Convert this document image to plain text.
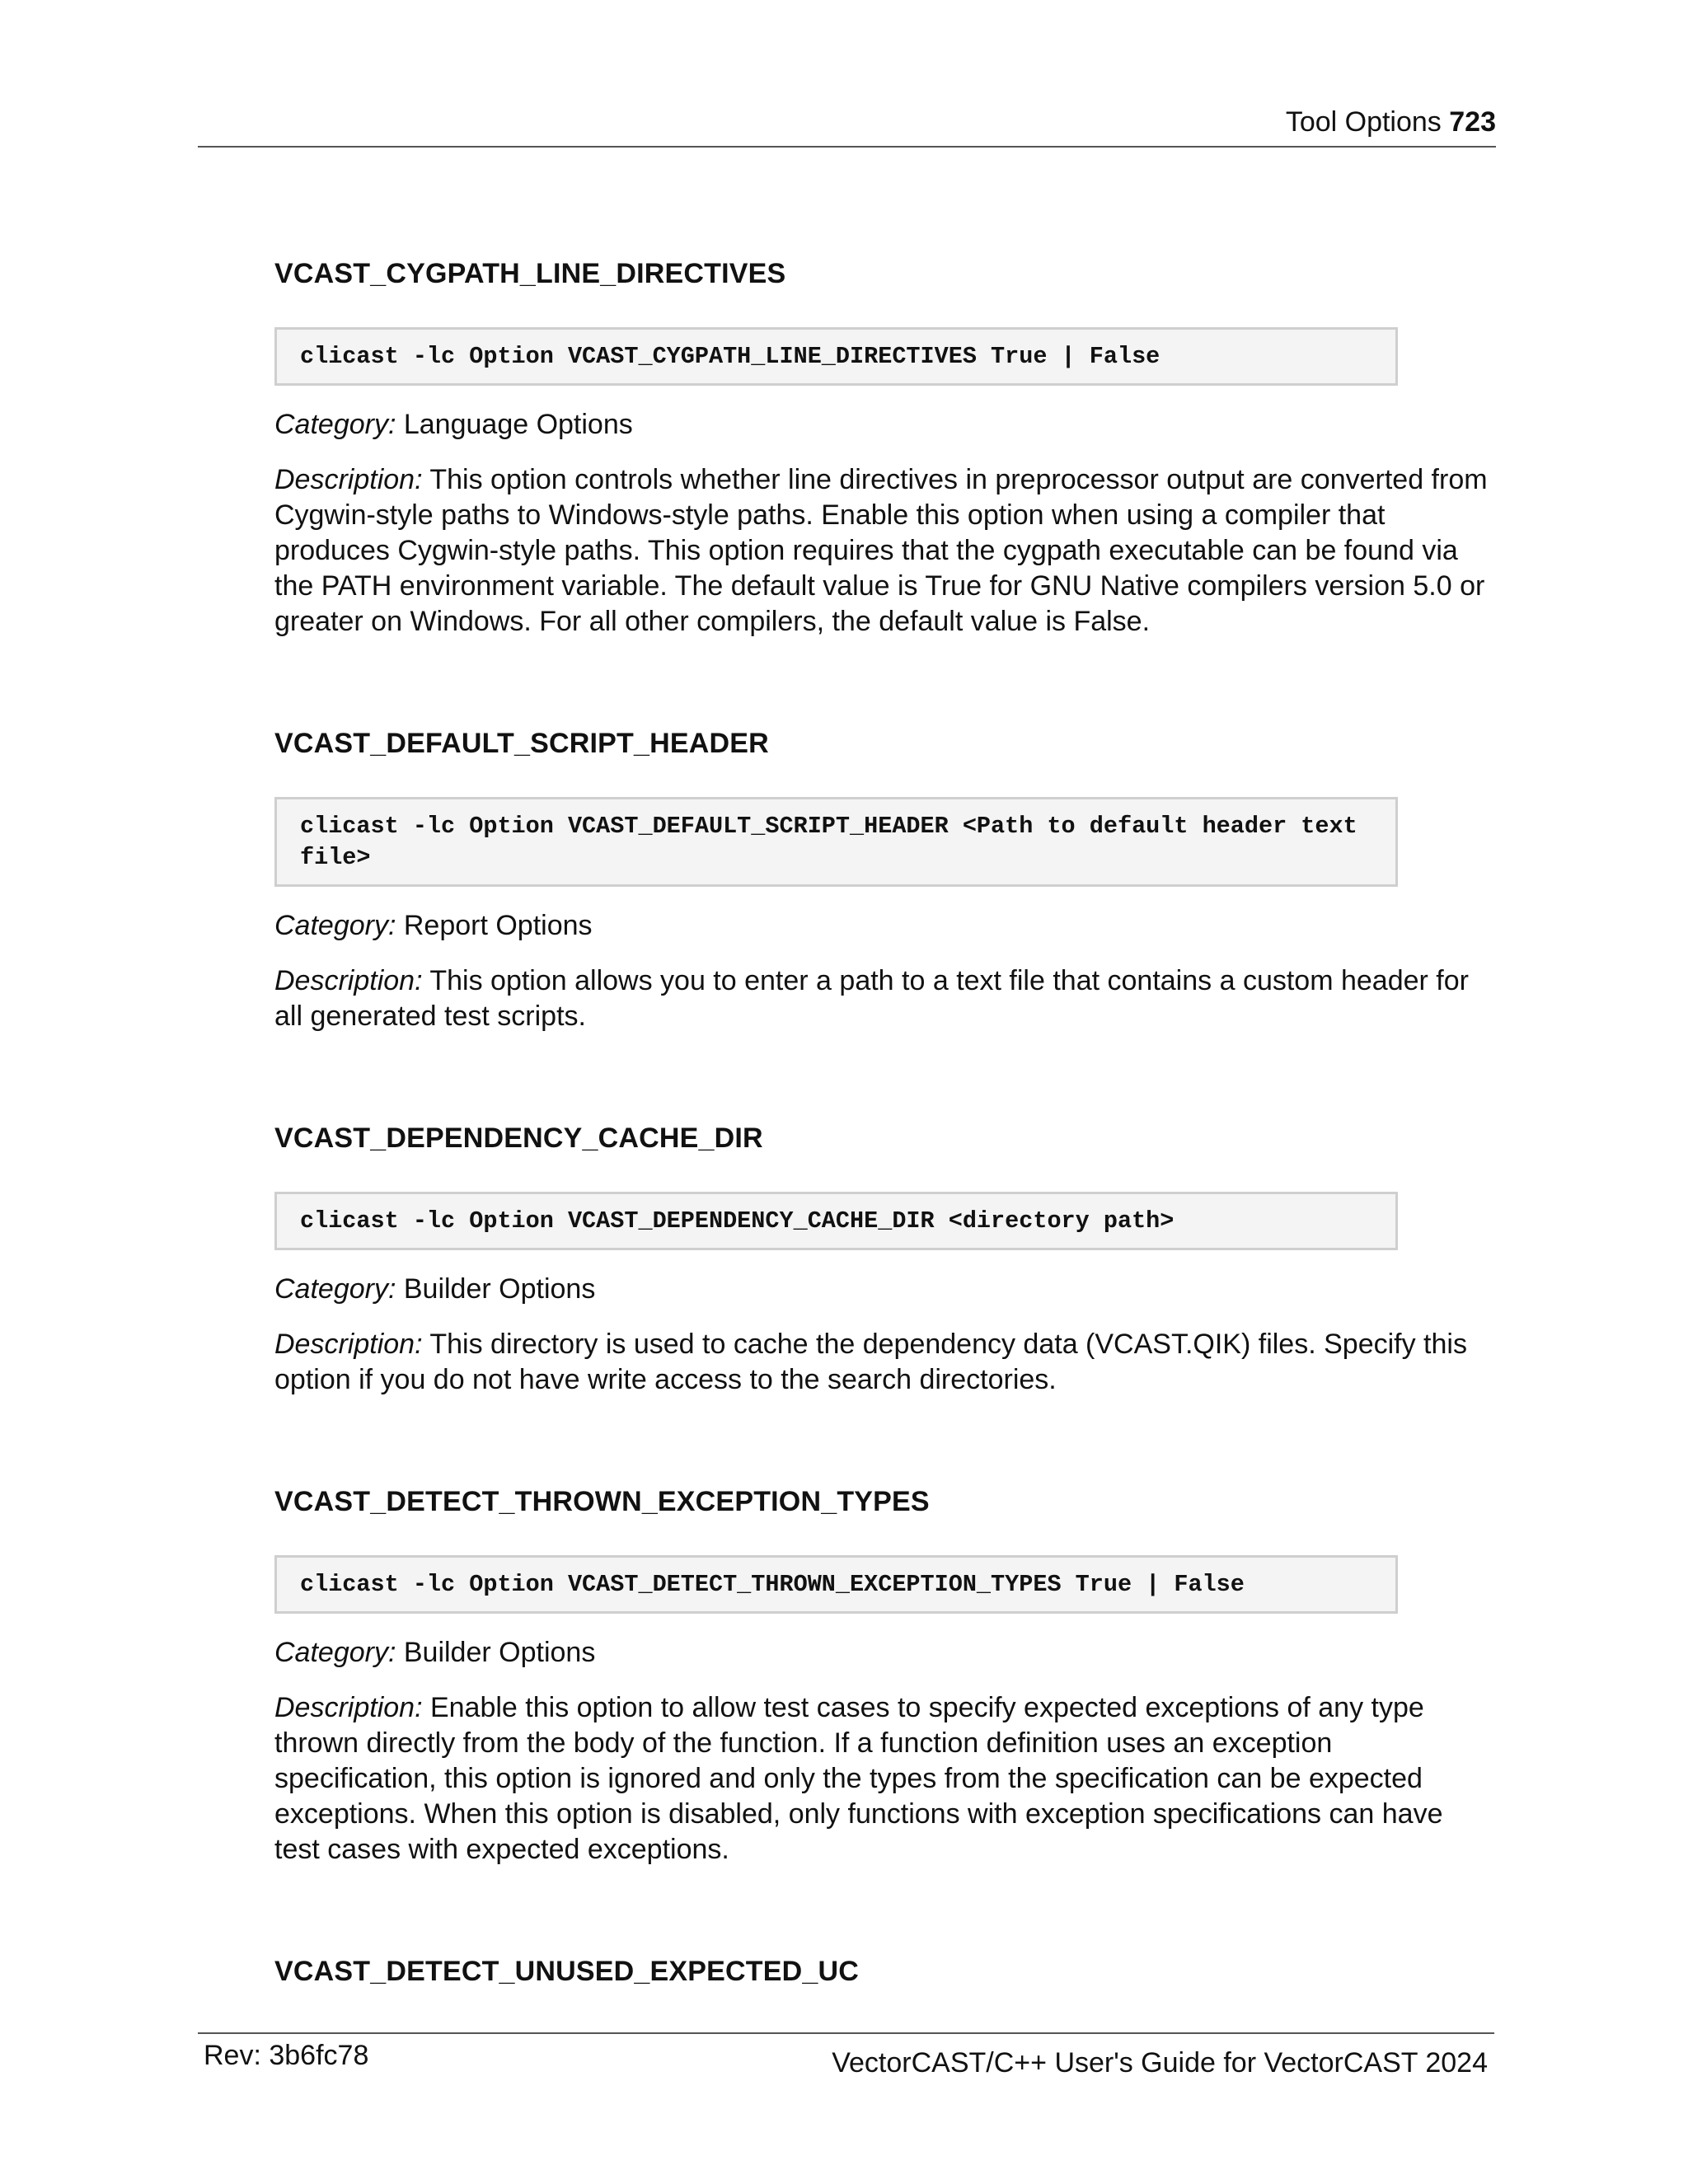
Tool Options 723
VCAST_CYGPATH_LINE_DIRECTIVES
clicast -lc Option VCAST_CYGPATH_LINE_DIRECTIVES True | False

Category: Language Options

Description: This option controls whether line directives in preprocessor output are converted from Cygwin-style paths to Windows-style paths. Enable this option when using a compiler that produces Cygwin-style paths. This option requires that the cygpath executable can be found via the PATH environment variable. The default value is True for GNU Native compilers version 5.0 or greater on Windows. For all other compilers, the default value is False.

VCAST_DEFAULT_SCRIPT_HEADER
clicast -lc Option VCAST_DEFAULT_SCRIPT_HEADER <Path to default header text
file>

Category: Report Options

Description: This option allows you to enter a path to a text file that contains a custom header for all generated test scripts.

VCAST_DEPENDENCY_CACHE_DIR
clicast -lc Option VCAST_DEPENDENCY_CACHE_DIR <directory path>

Category: Builder Options

Description: This directory is used to cache the dependency data (VCAST.QIK) files. Specify this option if you do not have write access to the search directories.

VCAST_DETECT_THROWN_EXCEPTION_TYPES
clicast -lc Option VCAST_DETECT_THROWN_EXCEPTION_TYPES True | False

Category: Builder Options

Description: Enable this option to allow test cases to specify expected exceptions of any type thrown directly from the body of the function. If a function definition uses an exception specification, this option is ignored and only the types from the specification can be expected exceptions. When this option is disabled, only functions with exception specifications can have test cases with expected exceptions.

VCAST_DETECT_UNUSED_EXPECTED_UC
Rev: 3b6fc78	VectorCAST/C++ User's Guide for VectorCAST 2024
